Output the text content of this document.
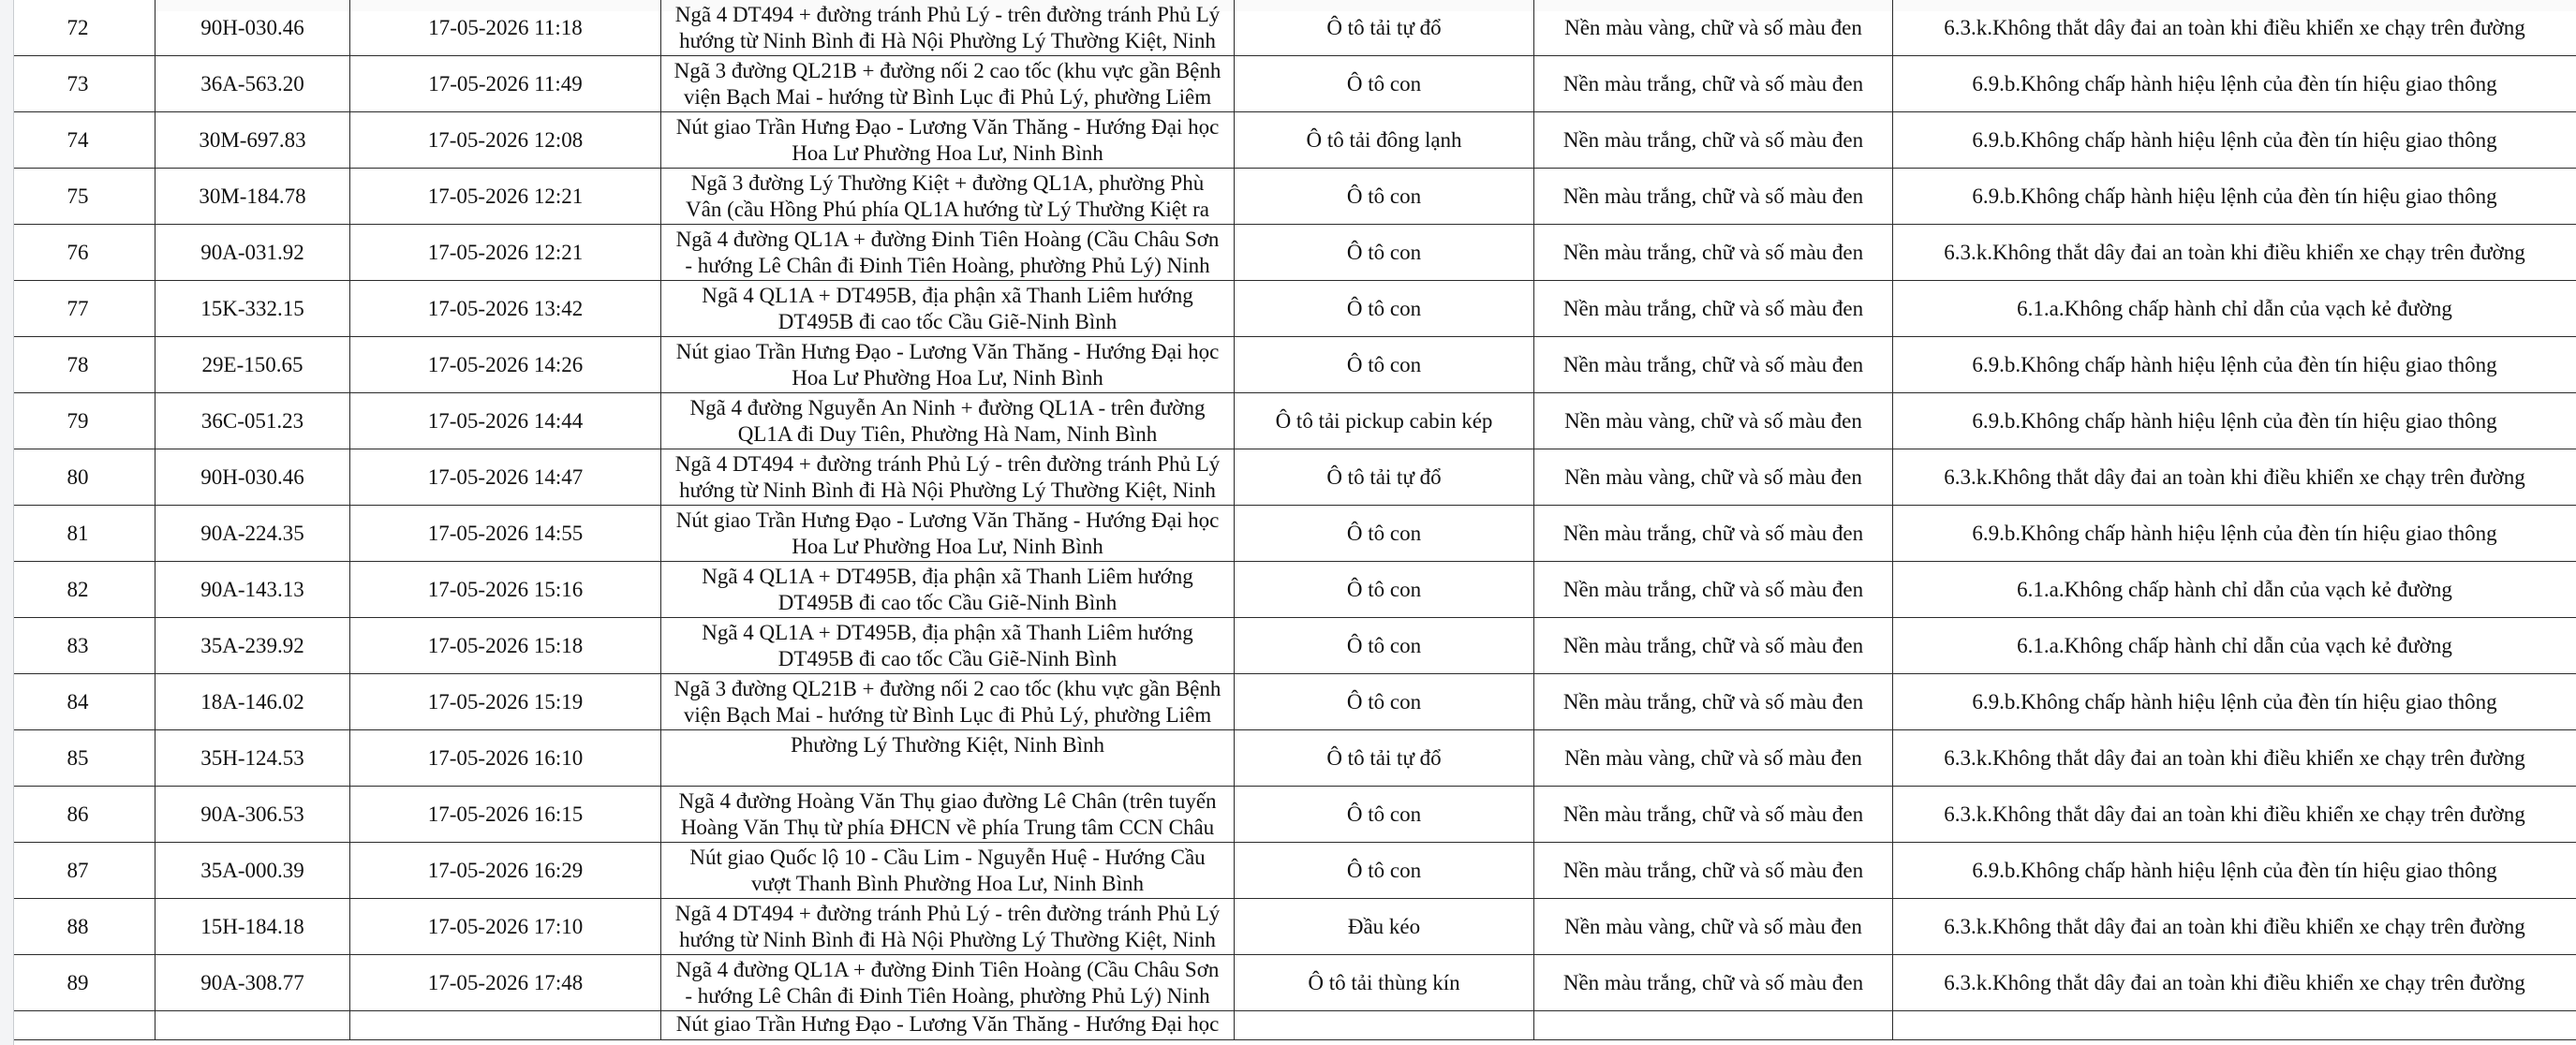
72	90H-030.46	17-05-2026 11:18	Ngã 4 DT494 + đường tránh Phủ Lý - trên đường tránh Phủ Lý hướng từ Ninh Bình đi Hà Nội Phường Lý Thường Kiệt, Ninh	Ô tô tải tự đổ	Nền màu vàng, chữ và số màu đen	6.3.k.Không thắt dây đai an toàn khi điều khiển xe chạy trên đường
73	36A-563.20	17-05-2026 11:49	Ngã 3 đường QL21B + đường nối 2 cao tốc (khu vực gần Bệnh viện Bạch Mai - hướng từ Bình Lục đi Phủ Lý, phường Liêm	Ô tô con	Nền màu trắng, chữ và số màu đen	6.9.b.Không chấp hành hiệu lệnh của đèn tín hiệu giao thông
74	30M-697.83	17-05-2026 12:08	Nút giao Trần Hưng Đạo - Lương Văn Thăng - Hướng Đại học Hoa Lư Phường Hoa Lư, Ninh Bình	Ô tô tải đông lạnh	Nền màu trắng, chữ và số màu đen	6.9.b.Không chấp hành hiệu lệnh của đèn tín hiệu giao thông
75	30M-184.78	17-05-2026 12:21	Ngã 3 đường Lý Thường Kiệt + đường QL1A, phường Phù Vân (cầu Hồng Phú phía QL1A hướng từ Lý Thường Kiệt ra	Ô tô con	Nền màu trắng, chữ và số màu đen	6.9.b.Không chấp hành hiệu lệnh của đèn tín hiệu giao thông
76	90A-031.92	17-05-2026 12:21	Ngã 4 đường QL1A + đường Đinh Tiên Hoàng (Cầu Châu Sơn - hướng Lê Chân đi Đinh Tiên Hoàng, phường Phủ Lý) Ninh	Ô tô con	Nền màu trắng, chữ và số màu đen	6.3.k.Không thắt dây đai an toàn khi điều khiển xe chạy trên đường
77	15K-332.15	17-05-2026 13:42	Ngã 4 QL1A + DT495B, địa phận xã Thanh Liêm hướng DT495B đi cao tốc Cầu Giẽ-Ninh Bình	Ô tô con	Nền màu trắng, chữ và số màu đen	6.1.a.Không chấp hành chỉ dẫn của vạch kẻ đường
78	29E-150.65	17-05-2026 14:26	Nút giao Trần Hưng Đạo - Lương Văn Thăng - Hướng Đại học Hoa Lư Phường Hoa Lư, Ninh Bình	Ô tô con	Nền màu trắng, chữ và số màu đen	6.9.b.Không chấp hành hiệu lệnh của đèn tín hiệu giao thông
79	36C-051.23	17-05-2026 14:44	Ngã 4 đường Nguyễn An Ninh + đường QL1A - trên đường QL1A đi Duy Tiên, Phường Hà Nam, Ninh Bình	Ô tô tải pickup cabin kép	Nền màu vàng, chữ và số màu đen	6.9.b.Không chấp hành hiệu lệnh của đèn tín hiệu giao thông
80	90H-030.46	17-05-2026 14:47	Ngã 4 DT494 + đường tránh Phủ Lý - trên đường tránh Phủ Lý hướng từ Ninh Bình đi Hà Nội Phường Lý Thường Kiệt, Ninh	Ô tô tải tự đổ	Nền màu vàng, chữ và số màu đen	6.3.k.Không thắt dây đai an toàn khi điều khiển xe chạy trên đường
81	90A-224.35	17-05-2026 14:55	Nút giao Trần Hưng Đạo - Lương Văn Thăng - Hướng Đại học Hoa Lư Phường Hoa Lư, Ninh Bình	Ô tô con	Nền màu trắng, chữ và số màu đen	6.9.b.Không chấp hành hiệu lệnh của đèn tín hiệu giao thông
82	90A-143.13	17-05-2026 15:16	Ngã 4 QL1A + DT495B, địa phận xã Thanh Liêm hướng DT495B đi cao tốc Cầu Giẽ-Ninh Bình	Ô tô con	Nền màu trắng, chữ và số màu đen	6.1.a.Không chấp hành chỉ dẫn của vạch kẻ đường
83	35A-239.92	17-05-2026 15:18	Ngã 4 QL1A + DT495B, địa phận xã Thanh Liêm hướng DT495B đi cao tốc Cầu Giẽ-Ninh Bình	Ô tô con	Nền màu trắng, chữ và số màu đen	6.1.a.Không chấp hành chỉ dẫn của vạch kẻ đường
84	18A-146.02	17-05-2026 15:19	Ngã 3 đường QL21B + đường nối 2 cao tốc (khu vực gần Bệnh viện Bạch Mai - hướng từ Bình Lục đi Phủ Lý, phường Liêm	Ô tô con	Nền màu trắng, chữ và số màu đen	6.9.b.Không chấp hành hiệu lệnh của đèn tín hiệu giao thông
85	35H-124.53	17-05-2026 16:10	Phường Lý Thường Kiệt, Ninh Bình	Ô tô tải tự đổ	Nền màu vàng, chữ và số màu đen	6.3.k.Không thắt dây đai an toàn khi điều khiển xe chạy trên đường
86	90A-306.53	17-05-2026 16:15	Ngã 4 đường Hoàng Văn Thụ giao đường Lê Chân (trên tuyến Hoàng Văn Thụ từ phía ĐHCN về phía Trung tâm CCN Châu	Ô tô con	Nền màu trắng, chữ và số màu đen	6.3.k.Không thắt dây đai an toàn khi điều khiển xe chạy trên đường
87	35A-000.39	17-05-2026 16:29	Nút giao Quốc lộ 10 - Cầu Lim - Nguyễn Huệ - Hướng Cầu vượt Thanh Bình Phường Hoa Lư, Ninh Bình	Ô tô con	Nền màu trắng, chữ và số màu đen	6.9.b.Không chấp hành hiệu lệnh của đèn tín hiệu giao thông
88	15H-184.18	17-05-2026 17:10	Ngã 4 DT494 + đường tránh Phủ Lý - trên đường tránh Phủ Lý hướng từ Ninh Bình đi Hà Nội Phường Lý Thường Kiệt, Ninh	Đầu kéo	Nền màu vàng, chữ và số màu đen	6.3.k.Không thắt dây đai an toàn khi điều khiển xe chạy trên đường
89	90A-308.77	17-05-2026 17:48	Ngã 4 đường QL1A + đường Đinh Tiên Hoàng (Cầu Châu Sơn - hướng Lê Chân đi Đinh Tiên Hoàng, phường Phủ Lý) Ninh	Ô tô tải thùng kín	Nền màu trắng, chữ và số màu đen	6.3.k.Không thắt dây đai an toàn khi điều khiển xe chạy trên đường

			Nút giao Trần Hưng Đạo - Lương Văn Thăng - Hướng Đại học			
